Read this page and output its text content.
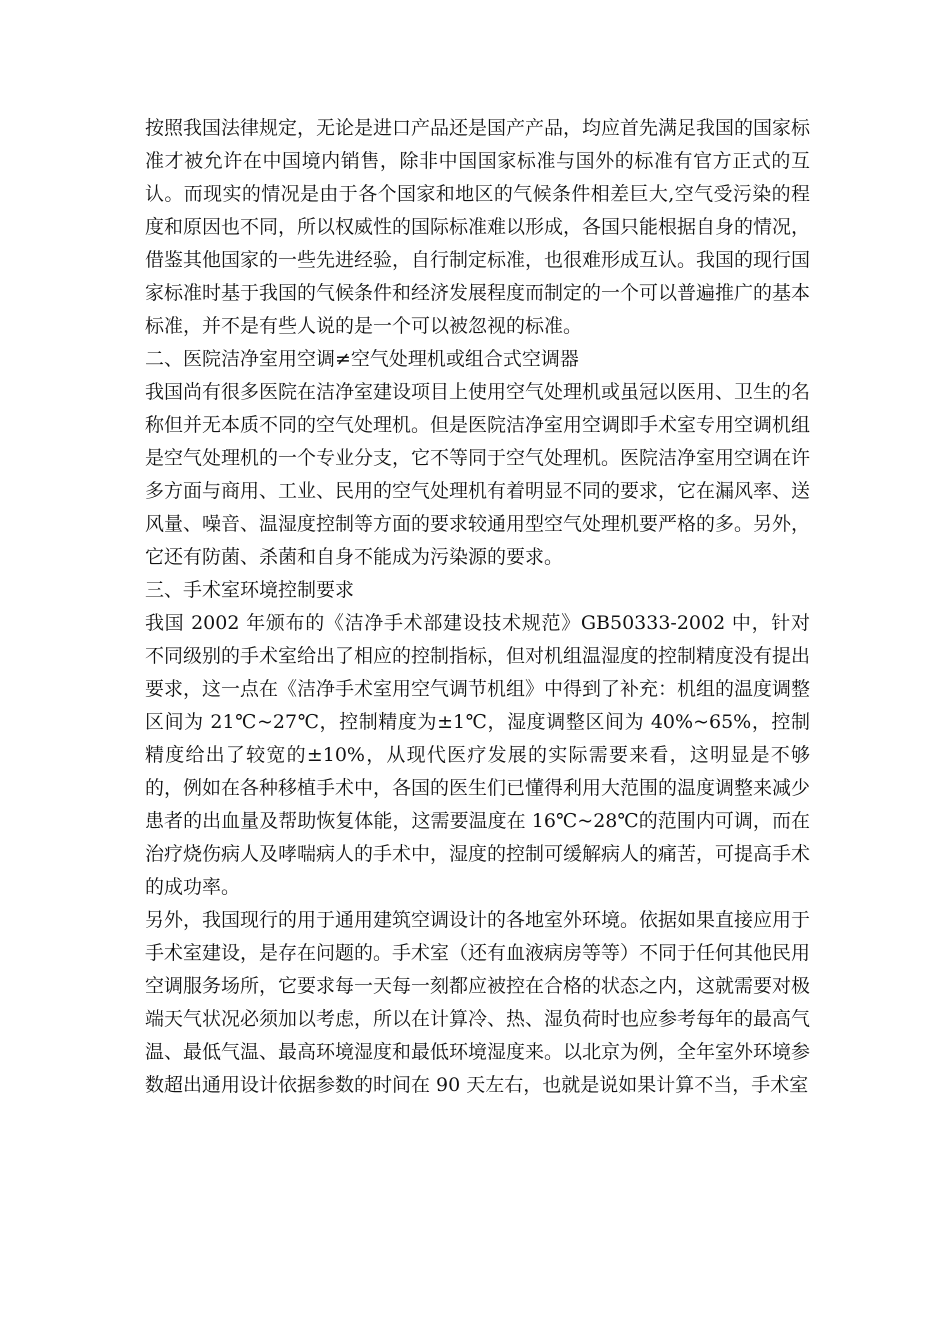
按照我国法律规定，无论是进口产品还是国产产品，均应首先满足我国的国家标准才被允许在中国境内销售，除非中国国家标准与国外的标准有官方正式的互认。而现实的情况是由于各个国家和地区的气候条件相差巨大,空气受污染的程度和原因也不同，所以权威性的国际标准难以形成，各国只能根据自身的情况，借鉴其他国家的一些先进经验，自行制定标准，也很难形成互认。我国的现行国家标准时基于我国的气候条件和经济发展程度而制定的一个可以普遍推广的基本标准，并不是有些人说的是一个可以被忽视的标准。

二、医院洁净室用空调≠空气处理机或组合式空调器

我国尚有很多医院在洁净室建设项目上使用空气处理机或虽冠以医用、卫生的名称但并无本质不同的空气处理机。但是医院洁净室用空调即手术室专用空调机组是空气处理机的一个专业分支，它不等同于空气处理机。医院洁净室用空调在许多方面与商用、工业、民用的空气处理机有着明显不同的要求，它在漏风率、送风量、噪音、温湿度控制等方面的要求较通用型空气处理机要严格的多。另外，它还有防菌、杀菌和自身不能成为污染源的要求。

三、手术室环境控制要求

我国 2002 年颁布的《洁净手术部建设技术规范》GB50333-2002 中，针对不同级别的手术室给出了相应的控制指标，但对机组温湿度的控制精度没有提出要求，这一点在《洁净手术室用空气调节机组》中得到了补充：机组的温度调整区间为 21℃~27℃，控制精度为±1℃，湿度调整区间为 40%~65%，控制精度给出了较宽的±10%，从现代医疗发展的实际需要来看，这明显是不够的，例如在各种移植手术中，各国的医生们已懂得利用大范围的温度调整来减少患者的出血量及帮助恢复体能，这需要温度在 16℃~28℃的范围内可调，而在治疗烧伤病人及哮喘病人的手术中，湿度的控制可缓解病人的痛苦，可提高手术的成功率。

另外，我国现行的用于通用建筑空调设计的各地室外环境。依据如果直接应用于手术室建设，是存在问题的。手术室（还有血液病房等等）不同于任何其他民用空调服务场所，它要求每一天每一刻都应被控在合格的状态之内，这就需要对极端天气状况必须加以考虑，所以在计算冷、热、湿负荷时也应参考每年的最高气温、最低气温、最高环境湿度和最低环境湿度来。以北京为例，全年室外环境参数超出通用设计依据参数的时间在 90 天左右，也就是说如果计算不当，手术室
